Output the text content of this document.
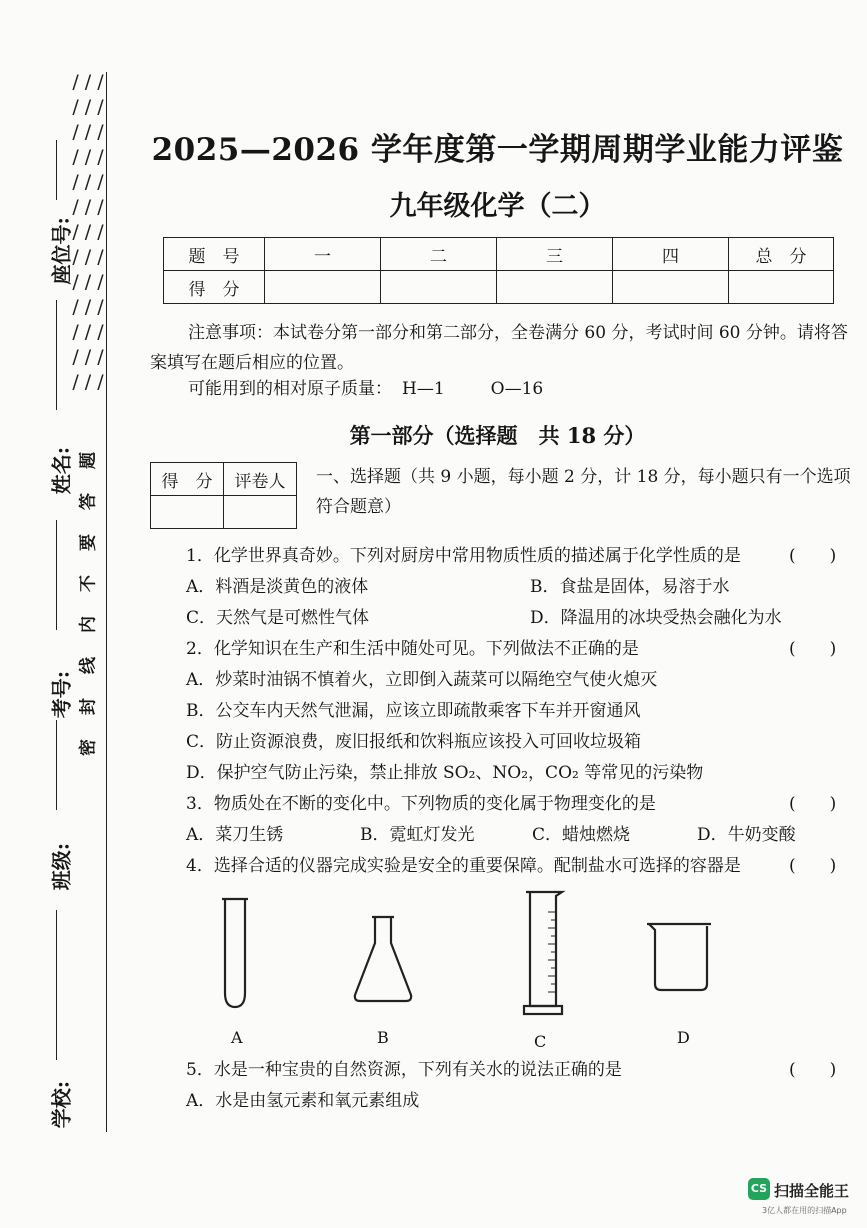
座位号:
姓名:
考号:
班级:
学校:
/ / / / / / / / / / / / / / / / / / / / / / / / / / / / / / / / / / / / / / /
题
答
要
不
内
线
封
密
2025—2026 学年度第一学期周期学业能力评鉴
九年级化学（二）
题　号	一	二	三	四	总　分
得　分					
注意事项：本试卷分第一部分和第二部分，全卷满分 60 分，考试时间 60 分钟。请将答案填写在题后相应的位置。
可能用到的相对原子质量： H—1	O—16
第一部分（选择题　共 18 分）
得　分	评卷人
	一、选择题（共 9 小题，每小题 2 分，计 18 分，每小题只有一个选项符合题意）
1．化学世界真奇妙。下列对厨房中常用物质性质的描述属于化学性质的是	(　　)
A．料酒是淡黄色的液体	B．食盐是固体，易溶于水
C．天然气是可燃性气体	D．降温用的冰块受热会融化为水
2．化学知识在生产和生活中随处可见。下列做法不正确的是	(　　)
A．炒菜时油锅不慎着火，立即倒入蔬菜可以隔绝空气使火熄灭
B．公交车内天然气泄漏，应该立即疏散乘客下车并开窗通风
C．防止资源浪费，废旧报纸和饮料瓶应该投入可回收垃圾箱
D．保护空气防止污染，禁止排放 SO₂、NO₂，CO₂ 等常见的污染物
3．物质处在不断的变化中。下列物质的变化属于物理变化的是	(　　)
A．菜刀生锈	B．霓虹灯发光	C．蜡烛燃烧	D．牛奶变酸
4．选择合适的仪器完成实验是安全的重要保障。配制盐水可选择的容器是	(　　)
A	B	C	D
5．水是一种宝贵的自然资源，下列有关水的说法正确的是	(　　)
A．水是由氢元素和氧元素组成
CS 扫描全能王
3亿人都在用的扫描App
